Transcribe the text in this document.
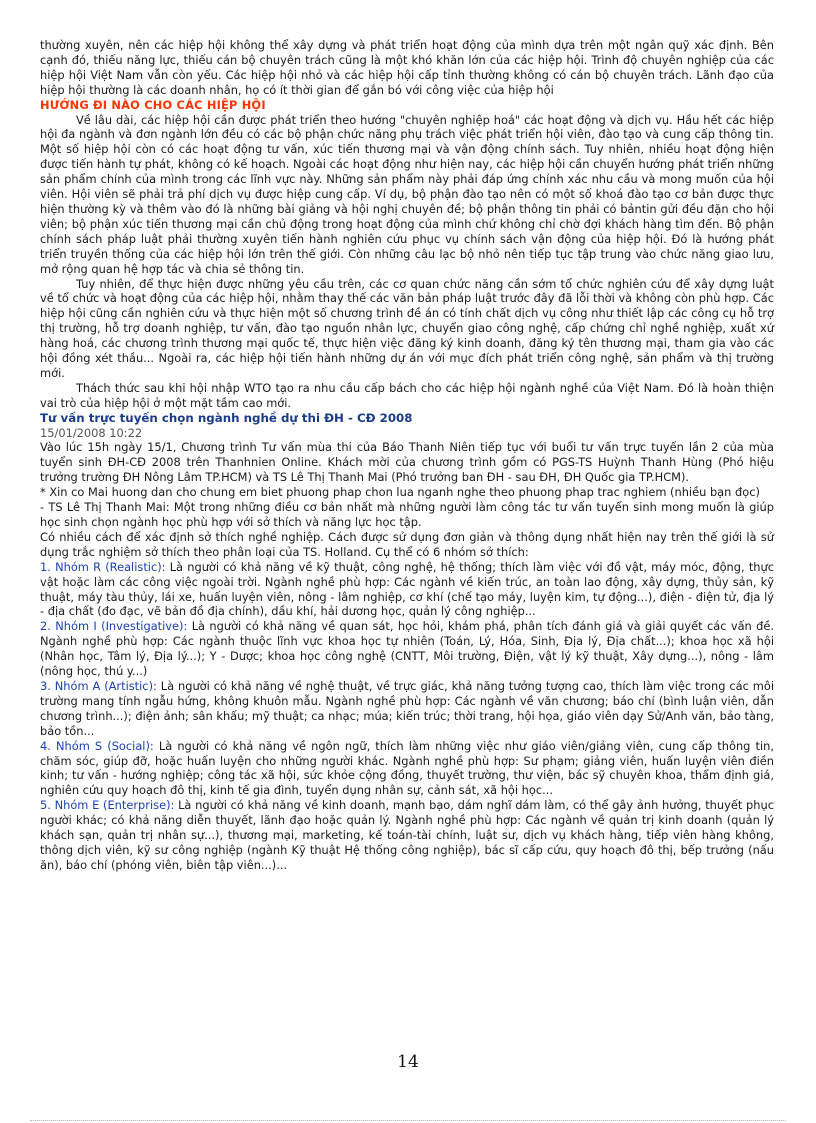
thường xuyên, nên các hiệp hội không thể xây dựng và phát triển hoạt động của mình dựa trên một ngân quỹ xác định. Bên cạnh đó, thiếu năng lực, thiếu cán bộ chuyên trách cũng là một khó khăn lớn của các hiệp hội. Trình độ chuyên nghiệp của các hiệp hội Việt Nam vẫn còn yếu. Các hiệp hội nhỏ và các hiệp hội cấp tỉnh thường không có cán bộ chuyên trách. Lãnh đạo của hiệp hội thường là các doanh nhân, họ có ít thời gian để gắn bó với công việc của hiệp hội

HƯỚNG ĐI NÀO CHO CÁC HIỆP HỘI

Về lâu dài, các hiệp hội cần được phát triển theo hướng "chuyên nghiệp hoá" các hoạt động và dịch vụ. Hầu hết các hiệp hội đa ngành và đơn ngành lớn đều có các bộ phận chức năng phụ trách việc phát triển hội viên, đào tạo và cung cấp thông tin. Một số hiệp hội còn có các hoạt động tư vấn, xúc tiến thương mại và vận động chính sách. Tuy nhiên, nhiều hoạt động hiện được tiến hành tự phát, không có kế hoạch. Ngoài các hoạt động như hiện nay, các hiệp hội cần chuyển hướng phát triển những sản phẩm chính của mình trong các lĩnh vực này. Những sản phẩm này phải đáp ứng chính xác nhu cầu và mong muốn của hội viên. Hội viên sẽ phải trả phí dịch vụ được hiệp cung cấp. Ví dụ, bộ phận đào tạo nên có một số khoá đào tạo cơ bản được thực hiện thường kỳ và thêm vào đó là những bài giảng và hội nghị chuyên đề; bộ phận thông tin phải có bảntin gửi đều đặn cho hội viên; bộ phận xúc tiến thương mại cần chủ động trong hoạt động của mình chứ không chỉ chờ đợi khách hàng tìm đến. Bộ phận chính sách pháp luật phải thường xuyên tiến hành nghiên cứu phục vụ chính sách vận động của hiệp hội. Đó là hướng phát triển truyền thống của các hiệp hội lớn trên thế giới. Còn những câu lạc bộ nhỏ nên tiếp tục tập trung vào chức năng giao lưu, mở rộng quan hệ hợp tác và chia sẻ thông tin.

Tuy nhiên, để thực hiện được những yêu cầu trên, các cơ quan chức năng cần sớm tổ chức nghiên cứu để xây dựng luật về tổ chức và hoạt động của các hiệp hội, nhằm thay thế các văn bản pháp luật trước đây đã lỗi thời và không còn phù hợp. Các hiệp hội cũng cần nghiên cứu và thực hiện một số chương trình đề án có tính chất dịch vụ công như thiết lập các công cụ hỗ trợ thị trường, hỗ trợ doanh nghiệp, tư vấn, đào tạo nguồn nhân lực, chuyển giao công nghệ, cấp chứng chỉ nghề nghiệp, xuất xứ hàng hoá, các chương trình thương mại quốc tế, thực hiện việc đăng ký kinh doanh, đăng ký tên thương mại, tham gia vào các hội đồng xét thầu... Ngoài ra, các hiệp hội tiến hành những dự án với mục đích phát triển công nghệ, sản phẩm và thị trường mới.

Thách thức sau khi hội nhập WTO tạo ra nhu cầu cấp bách cho các hiệp hội ngành nghề của Việt Nam. Đó là hoàn thiện vai trò của hiệp hội ở một mặt tầm cao mới.

Tư vấn trực tuyến chọn ngành nghề dự thi ĐH - CĐ 2008

15/01/2008 10:22

Vào lúc 15h ngày 15/1, Chương trình Tư vấn mùa thi của Báo Thanh Niên tiếp tục với buổi tư vấn trực tuyến lần 2 của mùa tuyển sinh ĐH-CĐ 2008 trên Thanhnien Online. Khách mời của chương trình gồm có PGS-TS Huỳnh Thanh Hùng (Phó hiệu trưởng trường ĐH Nông Lâm TP.HCM) và TS Lê Thị Thanh Mai (Phó trưởng ban ĐH - sau ĐH, ĐH Quốc gia TP.HCM).

* Xin co Mai huong dan cho chung em biet phuong phap chon lua nganh nghe theo phuong phap trac nghiem (nhiều bạn đọc)

- TS Lê Thị Thanh Mai: Một trong những điều cơ bản nhất mà những người làm công tác tư vấn tuyển sinh mong muốn là giúp học sinh chọn ngành học phù hợp với sở thích và năng lực học tập.

Có nhiều cách để xác định sở thích nghề nghiệp. Cách được sử dụng đơn giản và thông dụng nhất hiện nay trên thế giới là sử dụng trắc nghiệm sở thích theo phân loại của TS. Holland. Cụ thể có 6 nhóm sở thích:

1. Nhóm R (Realistic): Là người có khả năng về kỹ thuật, công nghệ, hệ thống; thích làm việc với đồ vật, máy móc, động, thực vật hoặc làm các công việc ngoài trời. Ngành nghề phù hợp: Các ngành về kiến trúc, an toàn lao động, xây dựng, thủy sản, kỹ thuật, máy tàu thủy, lái xe, huấn luyện viên, nông - lâm nghiệp, cơ khí (chế tạo máy, luyện kim, tự động...), điện - điện tử, địa lý - địa chất (đo đạc, vẽ bản đồ địa chính), dầu khí, hải dương học, quản lý công nghiệp...

2. Nhóm I (Investigative): Là người có khả năng về quan sát, học hỏi, khám phá, phân tích đánh giá và giải quyết các vấn đề. Ngành nghề phù hợp: Các ngành thuộc lĩnh vực khoa học tự nhiên (Toán, Lý, Hóa, Sinh, Địa lý, Địa chất...); khoa học xã hội (Nhân học, Tâm lý, Địa lý...); Y - Dược; khoa học công nghệ (CNTT, Môi trường, Điện, vật lý kỹ thuật, Xây dựng...), nông - lâm (nông học, thú y...)

3. Nhóm A (Artistic): Là người có khả năng về nghệ thuật, về trực giác, khả năng tưởng tượng cao, thích làm việc trong các môi trường mang tính ngẫu hứng, không khuôn mẫu. Ngành nghề phù hợp: Các ngành về văn chương; báo chí (bình luận viên, dẫn chương trình...); điện ảnh; sân khấu; mỹ thuật; ca nhạc; múa; kiến trúc; thời trang, hội họa, giáo viên dạy Sử/Anh văn, bảo tàng, bảo tồn...

4. Nhóm S (Social): Là người có khả năng về ngôn ngữ, thích làm những việc như giáo viên/giảng viên, cung cấp thông tin, chăm sóc, giúp đỡ, hoặc huấn luyện cho những người khác. Ngành nghề phù hợp: Sư phạm; giảng viên, huấn luyện viên điền kinh; tư vấn - hướng nghiệp; công tác xã hội, sức khỏe cộng đồng, thuyết trường, thư viện, bác sỹ chuyên khoa, thẩm định giá, nghiên cứu quy hoạch đô thị, kinh tế gia đình, tuyển dụng nhân sự, cảnh sát, xã hội học...

5. Nhóm E (Enterprise): Là người có khả năng về kinh doanh, mạnh bạo, dám nghĩ dám làm, có thể gây ảnh hưởng, thuyết phục người khác; có khả năng diễn thuyết, lãnh đạo hoặc quản lý. Ngành nghề phù hợp: Các ngành về quản trị kinh doanh (quản lý khách sạn, quản trị nhân sự...), thương mại, marketing, kế toán-tài chính, luật sư, dịch vụ khách hàng, tiếp viên hàng không, thông dịch viên, kỹ sư công nghiệp (ngành Kỹ thuật Hệ thống công nghiệp), bác sĩ cấp cứu, quy hoạch đô thị, bếp trưởng (nấu ăn), báo chí (phóng viên, biên tập viên...)...

14
